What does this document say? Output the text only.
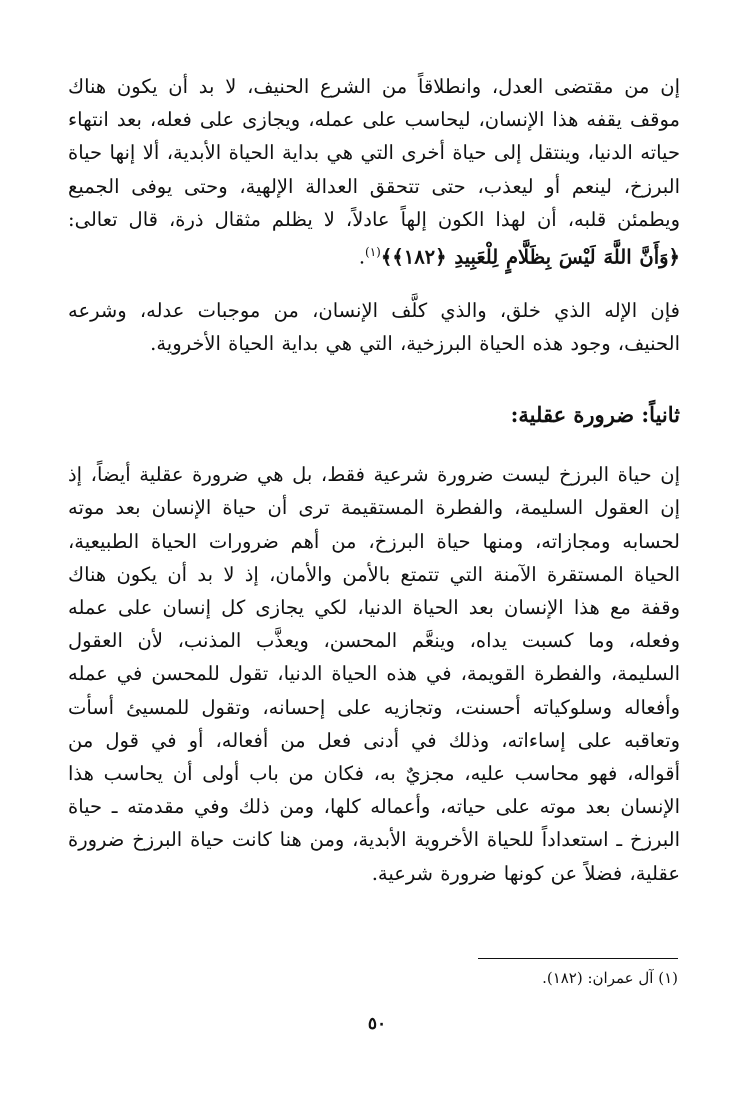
إن من مقتضى العدل، وانطلاقاً من الشرع الحنيف، لا بد أن يكون هناك موقف يقفه هذا الإنسان، ليحاسب على عمله، ويجازى على فعله، بعد انتهاء حياته الدنيا، وينتقل إلى حياة أخرى التي هي بداية الحياة الأبدية، ألا إنها حياة البرزخ، لينعم أو ليعذب، حتى تتحقق العدالة الإلهية، وحتى يوفى الجميع ويطمئن قلبه، أن لهذا الكون إلهاً عادلاً، لا يظلم مثقال ذرة، قال تعالى: ﴿وَأَنَّ اللَّهَ لَيْسَ بِظَلَّامٍ لِلْعَبِيدِ ﴿١٨٢﴾﴾$^{(١)}$.

فإن الإله الذي خلق، والذي كلَّف الإنسان، من موجبات عدله، وشرعه الحنيف، وجود هذه الحياة البرزخية، التي هي بداية الحياة الأخروية.

ثانياً: ضرورة عقلية:

إن حياة البرزخ ليست ضرورة شرعية فقط، بل هي ضرورة عقلية أيضاً، إذ إن العقول السليمة، والفطرة المستقيمة ترى أن حياة الإنسان بعد موته لحسابه ومجازاته، ومنها حياة البرزخ، من أهم ضرورات الحياة الطبيعية، الحياة المستقرة الآمنة التي تتمتع بالأمن والأمان، إذ لا بد أن يكون هناك وقفة مع هذا الإنسان بعد الحياة الدنيا، لكي يجازى كل إنسان على عمله وفعله، وما كسبت يداه، وينعَّم المحسن، ويعذَّب المذنب، لأن العقول السليمة، والفطرة القويمة، في هذه الحياة الدنيا، تقول للمحسن في عمله وأفعاله وسلوكياته أحسنت، وتجازيه على إحسانه، وتقول للمسيئ أسأت وتعاقبه على إساءاته، وذلك في أدنى فعل من أفعاله، أو في قول من أقواله، فهو محاسب عليه، مجزيٌ به، فكان من باب أولى أن يحاسب هذا الإنسان بعد موته على حياته، وأعماله كلها، ومن ذلك وفي مقدمته ـ حياة البرزخ ـ استعداداً للحياة الأخروية الأبدية، ومن هنا كانت حياة البرزخ ضرورة عقلية، فضلاً عن كونها ضرورة شرعية.

(١) آل عمران: (١٨٢).
٥٠
